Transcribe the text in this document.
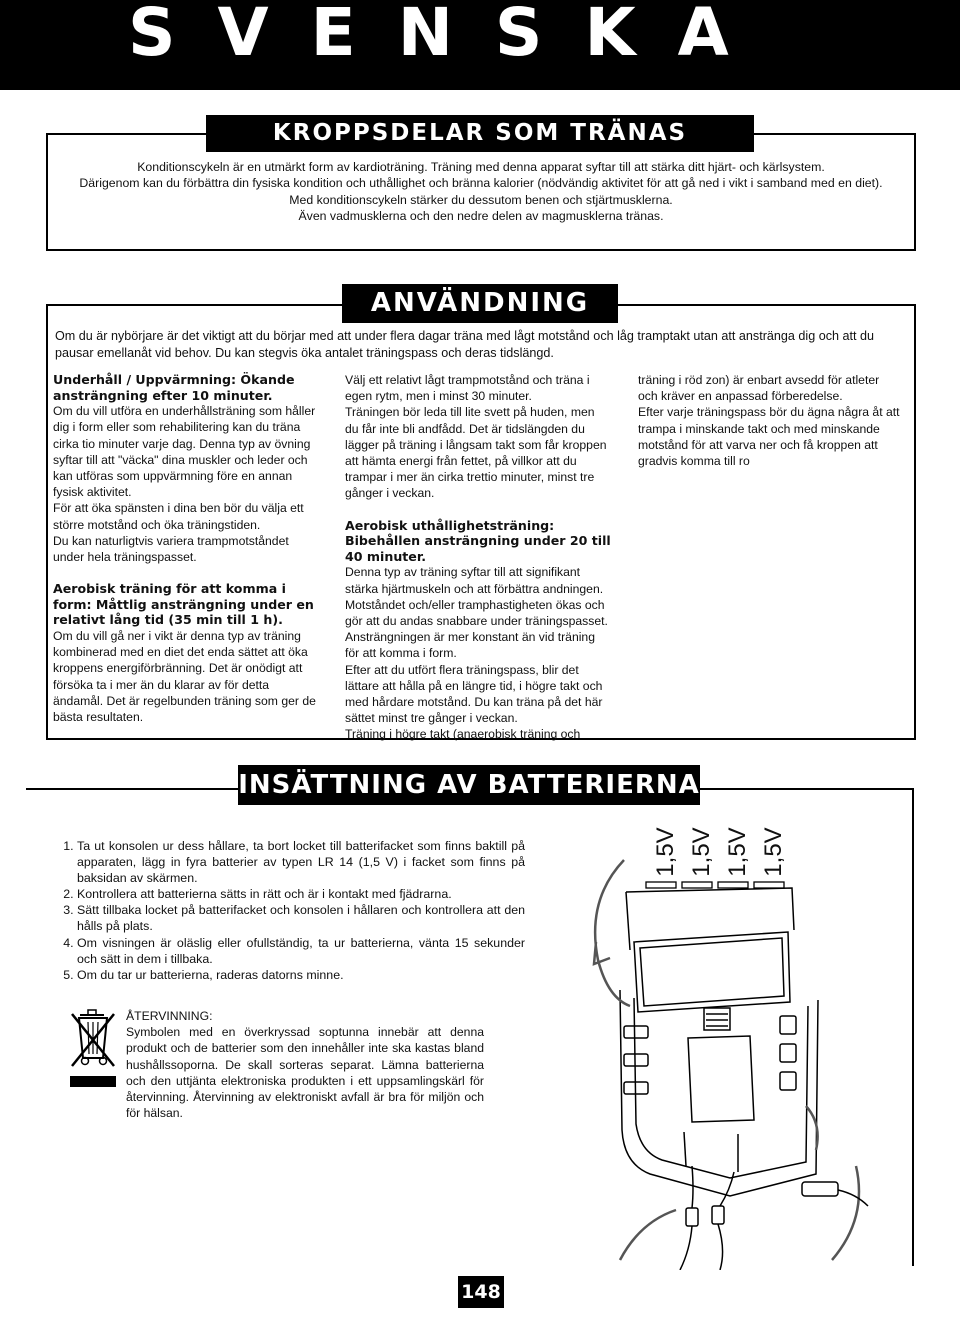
SVENSKA

Konditionscykeln är en utmärkt form av kardioträning. Träning med denna apparat syftar till att stärka ditt hjärt- och kärlsystem.

Därigenom kan du förbättra din fysiska kondition och uthållighet och bränna kalorier (nödvändig aktivitet för att gå ned i vikt i samband med en diet).

Med konditionscykeln stärker du dessutom benen och stjärtmusklerna.

Även vadmusklerna och den nedre delen av magmusklerna tränas.

KROPPSDELAR SOM TRÄNAS

Om du är nybörjare är det viktigt att du börjar med att under flera dagar träna med lågt motstånd och låg tramptakt utan att anstränga dig och att du pausar emellanåt vid behov. Du kan stegvis öka antalet träningspass och deras tidslängd.

Underhåll / Uppvärmning: Ökande ansträngning efter 10 minuter.

Om du vill utföra en underhållsträning som håller dig i form eller som rehabilitering kan du träna cirka tio minuter varje dag. Denna typ av övning syftar till att "väcka" dina muskler och leder och kan utföras som uppvärmning före en annan fysisk aktivitet.

För att öka spänsten i dina ben bör du välja ett större motstånd och öka träningstiden.

Du kan naturligtvis variera trampmotståndet under hela träningspasset.

Aerobisk träning för att komma i form: Måttlig ansträngning under en relativt lång tid (35 min till 1 h).

Om du vill gå ner i vikt är denna typ av träning kombinerad med en diet det enda sättet att öka kroppens energiförbränning. Det är onödigt att försöka ta i mer än du klarar av för detta ändamål. Det är regelbunden träning som ger de bästa resultaten.

Välj ett relativt lågt trampmotstånd och träna i egen rytm, men i minst 30 minuter.

Träningen bör leda till lite svett på huden, men du får inte bli andfådd. Det är tidslängden du lägger på träning i långsam takt som får kroppen att hämta energi från fettet, på villkor att du trampar i mer än cirka trettio minuter, minst tre gånger i veckan.

Aerobisk uthållighetsträning: Bibehållen ansträngning under 20 till 40 minuter.

Denna typ av träning syftar till att signifikant stärka hjärtmuskeln och att förbättra andningen.

Motståndet och/eller tramphastigheten ökas och gör att du andas snabbare under träningspasset.

Ansträngningen är mer konstant än vid träning för att komma i form.

Efter att du utfört flera träningspass, blir det lättare att hålla på en längre tid, i högre takt och med hårdare motstånd. Du kan träna på det här sättet minst tre gånger i veckan.

Träning i högre takt (anaerobisk träning och

träning i röd zon) är enbart avsedd för atleter och kräver en anpassad förberedelse.

Efter varje träningspass bör du ägna några åt att trampa i minskande takt och med minskande motstånd för att varva ner och få kroppen att gradvis komma till ro

ANVÄNDNING
INSÄTTNING AV BATTERIERNA
1. Ta ut konsolen ur dess hållare, ta bort locket till batterifacket som finns baktill på apparaten, lägg in fyra batterier av typen LR 14 (1,5 V) i facket som finns på baksidan av skärmen.
2. Kontrollera att batterierna sätts in rätt och är i kontakt med fjädrarna.
3. Sätt tillbaka locket på batterifacket och konsolen i hållaren och kontrollera att den hålls på plats.
4. Om visningen är oläslig eller ofullständig, ta ur batterierna, vänta 15 sekunder och sätt in dem i tillbaka.
5. Om du tar ur batterierna, raderas datorns minne.

ÅTERVINNING:

Symbolen med en överkryssad soptunna innebär att denna produkt och de batterier som den innehåller inte ska kastas bland hushållssoporna. De skall sorteras separat. Lämna batterierna och den uttjänta elektroniska produkten i ett uppsamlingskärl för återvinning. Återvinning av elektroniskt avfall är bra för miljön och för hälsan.

1,5V 1,5V 1,5V 1,5V
148
